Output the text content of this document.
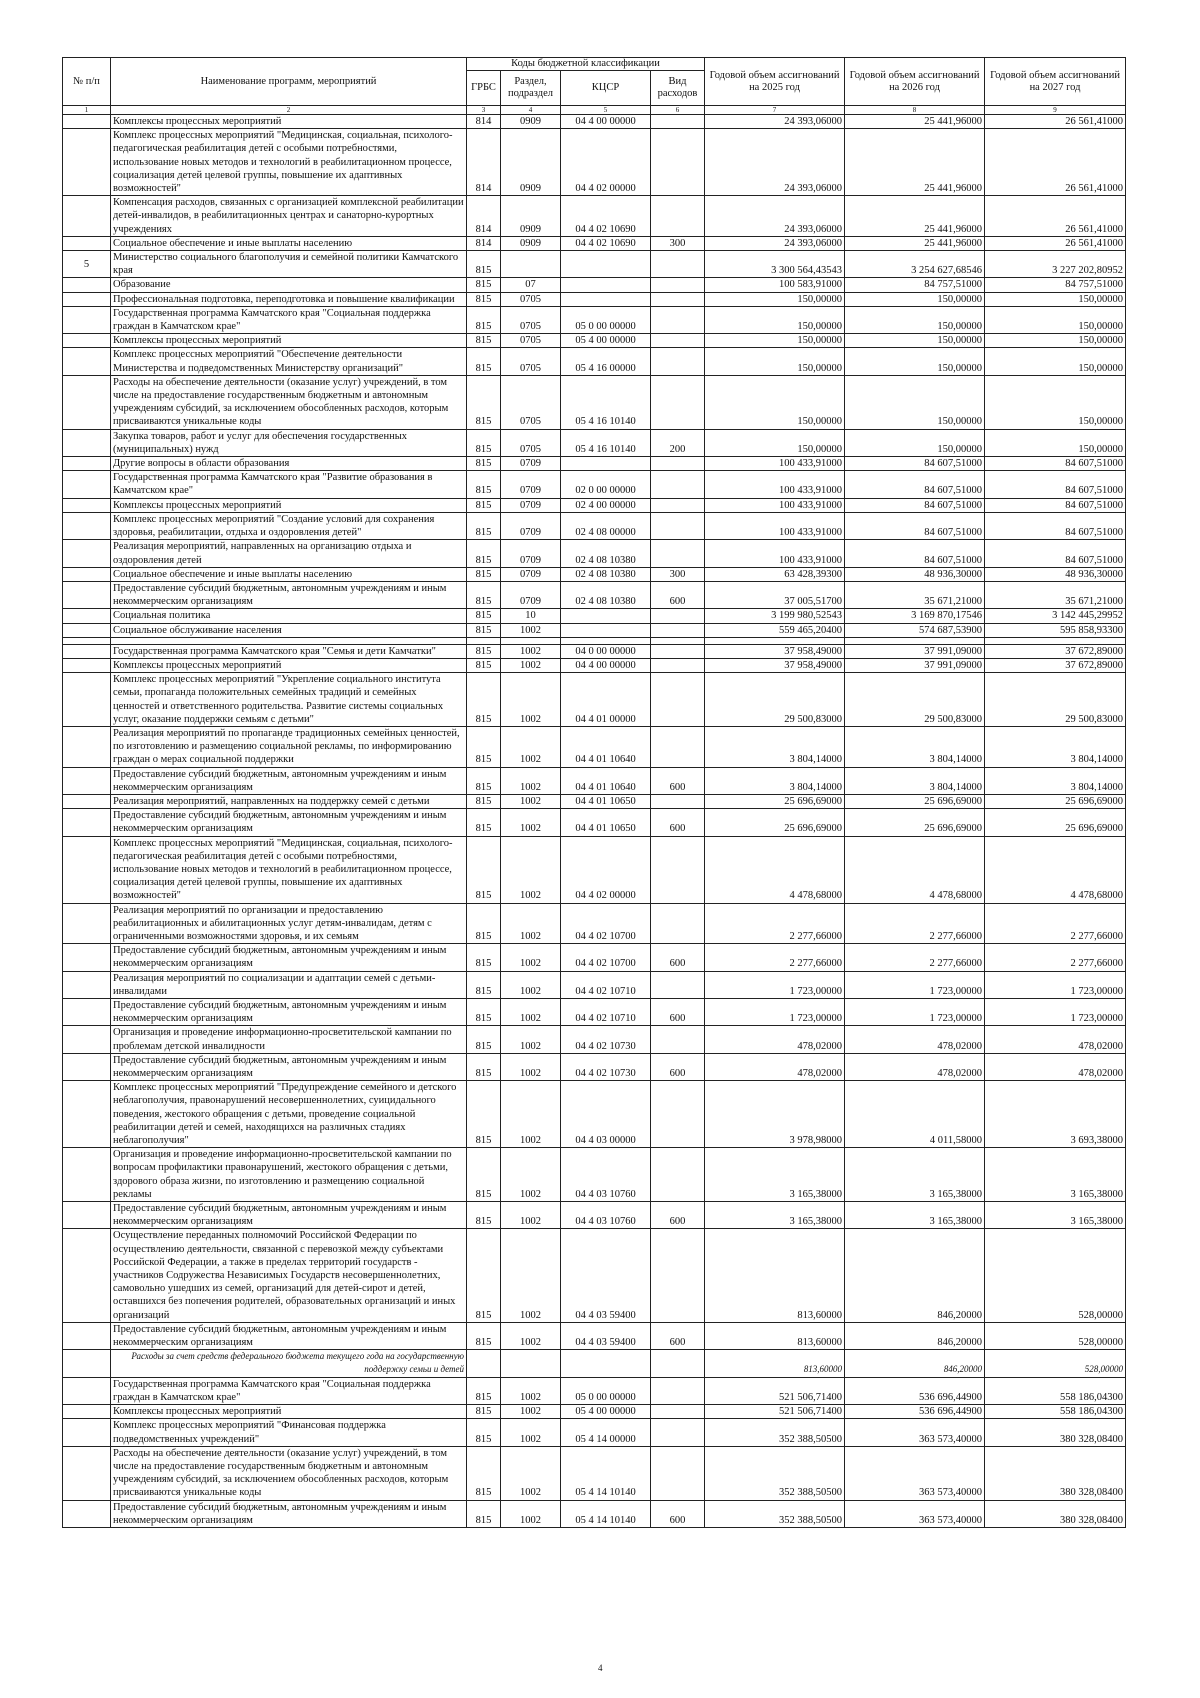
№ п/п	Наименование программ, мероприятий	Коды бюджетной классификации				Годовой объем ассигнований на 2025 год	Годовой объем ассигнований на 2026 год	Годовой объем ассигнований на 2027 год
		ГРБС	Раздел, подраздел	КЦСР	Вид расходов			
1	2	3	4	5	6	7	8	9
	Комплексы процессных мероприятий	814	0909	04 4 00 00000		24 393,06000	25 441,96000	26 561,41000
	Комплекс процессных мероприятий "Медицинская, социальная, психолого-педагогическая реабилитация детей с особыми потребностями, использование новых методов и технологий в реабилитационном процессе, социализация детей целевой группы, повышение их адаптивных возможностей"	814	0909	04 4 02 00000		24 393,06000	25 441,96000	26 561,41000
	Компенсация расходов, связанных с организацией комплексной реабилитации детей-инвалидов, в реабилитационных центрах и санаторно-курортных учреждениях	814	0909	04 4 02 10690		24 393,06000	25 441,96000	26 561,41000
	Социальное обеспечение и иные выплаты населению	814	0909	04 4 02 10690	300	24 393,06000	25 441,96000	26 561,41000
5	Министерство социального благополучия и семейной политики Камчатского края	815				3 300 564,43543	3 254 627,68546	3 227 202,80952
	Образование	815	07			100 583,91000	84 757,51000	84 757,51000
	Профессиональная подготовка, переподготовка и повышение квалификации	815	0705			150,00000	150,00000	150,00000
	Государственная программа Камчатского края "Социальная поддержка граждан в Камчатском крае"	815	0705	05 0 00 00000		150,00000	150,00000	150,00000
	Комплексы процессных мероприятий	815	0705	05 4 00 00000		150,00000	150,00000	150,00000
	Комплекс процессных мероприятий "Обеспечение деятельности Министерства и подведомственных Министерству организаций"	815	0705	05 4 16 00000		150,00000	150,00000	150,00000
	Расходы на обеспечение деятельности (оказание услуг) учреждений, в том числе на предоставление государственным бюджетным и автономным учреждениям субсидий, за исключением обособленных расходов, которым присваиваются уникальные коды	815	0705	05 4 16 10140		150,00000	150,00000	150,00000
	Закупка товаров, работ и услуг для обеспечения государственных (муниципальных) нужд	815	0705	05 4 16 10140	200	150,00000	150,00000	150,00000
	Другие вопросы в области образования	815	0709			100 433,91000	84 607,51000	84 607,51000
	Государственная программа Камчатского края "Развитие образования в Камчатском крае"	815	0709	02 0 00 00000		100 433,91000	84 607,51000	84 607,51000
	Комплексы процессных мероприятий	815	0709	02 4 00 00000		100 433,91000	84 607,51000	84 607,51000
	Комплекс процессных мероприятий "Создание условий для сохранения здоровья, реабилитации, отдыха и оздоровления детей"	815	0709	02 4 08 00000		100 433,91000	84 607,51000	84 607,51000
	Реализация мероприятий, направленных на организацию отдыха и оздоровления детей	815	0709	02 4 08 10380		100 433,91000	84 607,51000	84 607,51000
	Социальное обеспечение и иные выплаты населению	815	0709	02 4 08 10380	300	63 428,39300	48 936,30000	48 936,30000
	Предоставление субсидий бюджетным, автономным учреждениям и иным некоммерческим организациям	815	0709	02 4 08 10380	600	37 005,51700	35 671,21000	35 671,21000
	Социальная политика	815	10			3 199 980,52543	3 169 870,17546	3 142 445,29952
	Социальное обслуживание населения	815	1002			559 465,20400	574 687,53900	595 858,93300

	Государственная программа Камчатского края "Семья и дети Камчатки"	815	1002	04 0 00 00000		37 958,49000	37 991,09000	37 672,89000
	Комплексы процессных мероприятий	815	1002	04 4 00 00000		37 958,49000	37 991,09000	37 672,89000
	Комплекс процессных мероприятий "Укрепление социального института семьи, пропаганда положительных семейных традиций и семейных ценностей и ответственного родительства. Развитие системы социальных услуг, оказание поддержки семьям с детьми"	815	1002	04 4 01 00000		29 500,83000	29 500,83000	29 500,83000
	Реализация мероприятий по пропаганде традиционных семейных ценностей, по изготовлению и размещению социальной рекламы, по информированию граждан о мерах социальной поддержки	815	1002	04 4 01 10640		3 804,14000	3 804,14000	3 804,14000
	Предоставление субсидий бюджетным, автономным учреждениям и иным некоммерческим организациям	815	1002	04 4 01 10640	600	3 804,14000	3 804,14000	3 804,14000
	Реализация мероприятий, направленных на поддержку семей с детьми	815	1002	04 4 01 10650		25 696,69000	25 696,69000	25 696,69000
	Предоставление субсидий бюджетным, автономным учреждениям и иным некоммерческим организациям	815	1002	04 4 01 10650	600	25 696,69000	25 696,69000	25 696,69000
	Комплекс процессных мероприятий "Медицинская, социальная, психолого-педагогическая реабилитация детей с особыми потребностями, использование новых методов и технологий в реабилитационном процессе, социализация детей целевой группы, повышение их адаптивных возможностей"	815	1002	04 4 02 00000		4 478,68000	4 478,68000	4 478,68000
	Реализация мероприятий по организации и предоставлению реабилитационных и абилитационных услуг детям-инвалидам, детям с ограниченными возможностями здоровья, и их семьям	815	1002	04 4 02 10700		2 277,66000	2 277,66000	2 277,66000
	Предоставление субсидий бюджетным, автономным учреждениям и иным некоммерческим организациям	815	1002	04 4 02 10700	600	2 277,66000	2 277,66000	2 277,66000
	Реализация мероприятий по социализации и адаптации семей с детьми-инвалидами	815	1002	04 4 02 10710		1 723,00000	1 723,00000	1 723,00000
	Предоставление субсидий бюджетным, автономным учреждениям и иным некоммерческим организациям	815	1002	04 4 02 10710	600	1 723,00000	1 723,00000	1 723,00000
	Организация и проведение информационно-просветительской кампании по проблемам детской инвалидности	815	1002	04 4 02 10730		478,02000	478,02000	478,02000
	Предоставление субсидий бюджетным, автономным учреждениям и иным некоммерческим организациям	815	1002	04 4 02 10730	600	478,02000	478,02000	478,02000
	Комплекс процессных мероприятий "Предупреждение семейного и детского неблагополучия, правонарушений несовершеннолетних, суицидального поведения, жестокого обращения с детьми, проведение социальной реабилитации детей и семей, находящихся на различных стадиях неблагополучия"	815	1002	04 4 03 00000		3 978,98000	4 011,58000	3 693,38000
	Организация и проведение информационно-просветительской кампании по вопросам профилактики правонарушений, жестокого обращения с детьми, здорового образа жизни, по изготовлению и размещению социальной рекламы	815	1002	04 4 03 10760		3 165,38000	3 165,38000	3 165,38000
	Предоставление субсидий бюджетным, автономным учреждениям и иным некоммерческим организациям	815	1002	04 4 03 10760	600	3 165,38000	3 165,38000	3 165,38000
	Осуществление переданных полномочий Российской Федерации по осуществлению деятельности, связанной с перевозкой между субъектами Российской Федерации, а также в пределах территорий государств - участников Содружества Независимых Государств несовершеннолетних, самовольно ушедших из семей, организаций для детей-сирот и детей, оставшихся без попечения родителей, образовательных организаций и иных организаций	815	1002	04 4 03 59400		813,60000	846,20000	528,00000
	Предоставление субсидий бюджетным, автономным учреждениям и иным некоммерческим организациям	815	1002	04 4 03 59400	600	813,60000	846,20000	528,00000
	Расходы за счет средств федерального бюджета текущего года на государственную поддержку семьи и детей					813,60000	846,20000	528,00000
	Государственная программа Камчатского края "Социальная поддержка граждан в Камчатском крае"	815	1002	05 0 00 00000		521 506,71400	536 696,44900	558 186,04300
	Комплексы процессных мероприятий	815	1002	05 4 00 00000		521 506,71400	536 696,44900	558 186,04300
	Комплекс процессных мероприятий "Финансовая поддержка подведомственных учреждений"	815	1002	05 4 14 00000		352 388,50500	363 573,40000	380 328,08400
	Расходы на обеспечение деятельности (оказание услуг) учреждений, в том числе на предоставление государственным бюджетным и автономным учреждениям субсидий, за исключением обособленных расходов, которым присваиваются уникальные коды	815	1002	05 4 14 10140		352 388,50500	363 573,40000	380 328,08400
	Предоставление субсидий бюджетным, автономным учреждениям и иным некоммерческим организациям	815	1002	05 4 14 10140	600	352 388,50500	363 573,40000	380 328,08400
4
